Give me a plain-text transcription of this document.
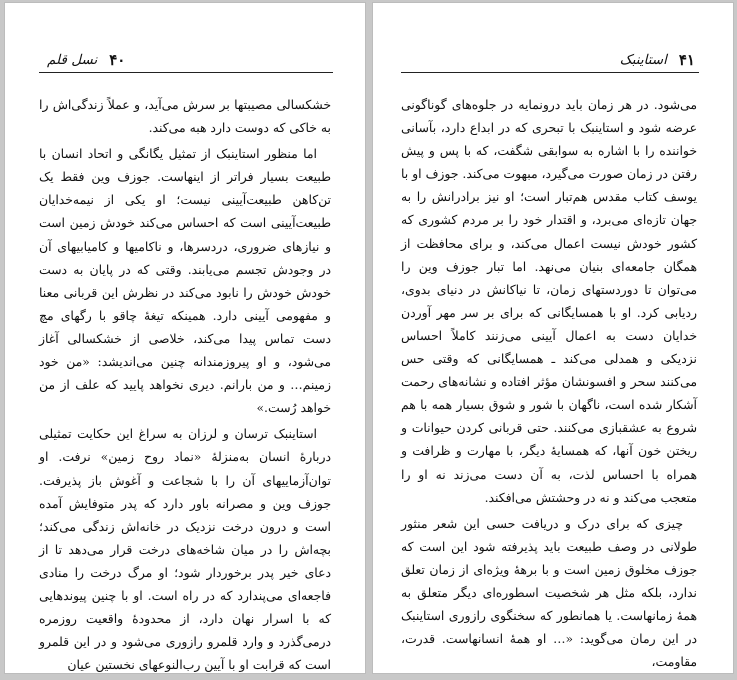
۴۰
نسل قلم

خشکسالی مصیبتها بر سرش می‌آید، و عملاً زندگی‌اش را به خاکی که دوست دارد هبه می‌کند.

اما منظور استاینبک از تمثیل یگانگی و اتحاد انسان با طبیعت بسیار فراتر از اینهاست. جوزف وین فقط یک تن‌کاهن طبیعت‌آیینی نیست؛ او یکی از نیمه‌خدایان طبیعت‌آیینی است که احساس می‌کند خودش زمین است و نیازهای ضروری، دردسرها، و ناکامیها و کامیابیهای آن در وجودش تجسم می‌یابند. وقتی که در پایان به دست خودش خودش را نابود می‌کند در نظرش این قربانی معنا و مفهومی آیینی دارد. همینکه تیغهٔ چاقو با رگهای مچ دست تماس پیدا می‌کند، خلاصی از خشکسالی آغاز می‌شود، و او پیروزمندانه چنین می‌اندیشد: «من خود زمینم… و من بارانم. دیری نخواهد پایید که علف از من خواهد رُست.»

استاینبک ترسان و لرزان به سراغ این حکایت تمثیلی دربارهٔ انسان به‌منزلهٔ «نماد روح زمین» نرفت. او توان‌آزماییهای آن را با شجاعت و آغوش باز پذیرفت. جوزف وین و مصرانه باور دارد که پدر متوفایش آمده است و درون درخت نزدیک در خانه‌اش زندگی می‌کند؛ بچه‌اش را در میان شاخه‌های درخت قرار می‌دهد تا از دعای خیر پدر برخوردار شود؛ او مرگ درخت را منادی فاجعه‌ای می‌پندارد که در راه است. او با چنین پیوندهایی که با اسرار نهان دارد، از محدودهٔ واقعیت روزمره درمی‌گذرد و وارد قلمرو رازوری می‌شود و در این قلمرو است که قرابت او با آیین رب‌النوعهای نخستین عیان

۴۱
استاینبک

می‌شود. در هر زمان باید درونمایه در جلوه‌های گوناگونی عرضه شود و استاینبک با تبحری که در ابداع دارد، بآسانی خواننده را با اشاره به سوابقی شگفت، که با پس و پیش رفتن در زمان صورت می‌گیرد، مبهوت می‌کند. جوزف او با یوسف کتاب مقدس هم‌تبار است؛ او نیز برادرانش را به جهان تازه‌ای می‌برد، و اقتدار خود را بر مردم کشوری که کشور خودش نیست اعمال می‌کند، و برای محافظت از همگان جامعه‌ای بنیان می‌نهد. اما تبار جوزف وین را می‌توان تا دوردستهای زمان، تا نیاکانش در دنیای بدوی، ردیابی کرد. او با همسایگانی که برای بر سر مهر آوردن خدایان دست به اعمال آیینی می‌زنند کاملاً احساس نزدیکی و همدلی می‌کند ـ همسایگانی که وقتی حس می‌کنند سحر و افسونشان مؤثر افتاده و نشانه‌های رحمت آشکار شده است، ناگهان با شور و شوق بسیار همه با هم شروع به عشقبازی می‌کنند. حتی قربانی کردن حیوانات و ریختن خون آنها، که همسایهٔ دیگر، با مهارت و ظرافت و همراه با احساس لذت، به آن دست می‌زند نه او را متعجب می‌کند و نه در وحشتش می‌افکند.

چیزی که برای درک و دریافت حسی این شعر منثور طولانی در وصف طبیعت باید پذیرفته شود این است که جوزف مخلوق زمین است و با برههٔ ویژه‌ای از زمان تعلق ندارد، بلکه مثل هر شخصیت اسطوره‌ای دیگر متعلق به همهٔ زمانهاست. یا همانطور که سخنگوی رازوری استاینبک در این رمان می‌گوید: «… او همهٔ انسانهاست. قدرت، مقاومت،
